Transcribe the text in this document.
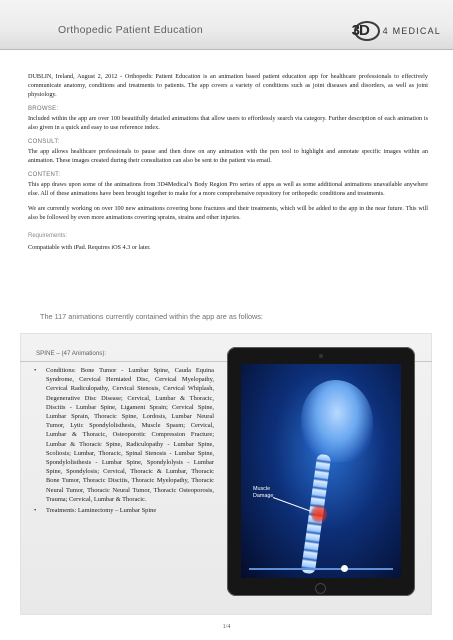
Orthopedic Patient Education	3D 4 MEDICAL

DUBLIN, Ireland, August 2, 2012 - Orthopedic Patient Education is an animation based patient education app for healthcare professionals to effectively communicate anatomy, conditions and treatments to patients. The app covers a variety of conditions such as joint diseases and disorders, as well as joint physiology.

BROWSE:

Included within the app are over 100 beautifully detailed animations that allow users to effortlessly search via category. Further description of each animation is also given in a quick and easy to use reference index.

CONSULT:

The app allows healthcare professionals to pause and then draw on any animation with the pen tool to highlight and annotate specific images within an animation. These images created during their consultation can also be sent to the patient via email.

CONTENT:

This app draws upon some of the animations from 3D4Medical’s Body Region Pro series of apps as well as some additional animations unavailable anywhere else. All of these animations have been brought together to make for a more comprehensive repository for orthopedic conditions and treatments.

We are currently working on over 100 new animations covering bone fractures and their treatments, which will be added to the app in the near future. This will also be followed by even more animations covering sprains, strains and other injuries.

Requirements:

Compatiable with iPad. Requires iOS 4.3 or later.

The 117 animations currently contained within the app are as follows:
SPINE – (47 Animations):
•	Conditions: Bone Tumor - Lumbar Spine, Cauda Equina Syndrome, Cervical Herniated Disc, Cervical Myelopathy, Cervical Radiculopathy, Cervical Stenosis, Cervical Whiplash, Degenerative Disc Disease; Cervical, Lumbar & Thoracic, Discitis - Lumbar Spine, Ligament Sprain; Cervical Spine, Lumbar Sprain, Thoracic Spine, Lordosis, Lumbar Neural Tumor, Lytic Spondylolisthesis, Muscle Spasm; Cervical, Lumbar & Thoracic, Osteoporotic Compression Fracture; Lumbar & Thoracic Spine, Radiculopathy - Lumbar Spine, Scoliosis; Lumbar, Thoracic, Spinal Stenosis - Lumbar Spine, Spondylolisthesis - Lumbar Spine, Spondylolysis - Lumbar Spine, Spondylosis; Cervical, Thoracic & Lumbar, Thoracic Bone Tumor, Thoracic Discitis, Thoracic Myelopathy, Thoracic Neural Tumor, Thoracic Neural Tumor, Thoracic Osteoporosis, Trauma; Cervical, Lumbar & Thoracic.
•	Treatments: Laminectomy – Lumbar Spine
Muscle
Damage
1/4
